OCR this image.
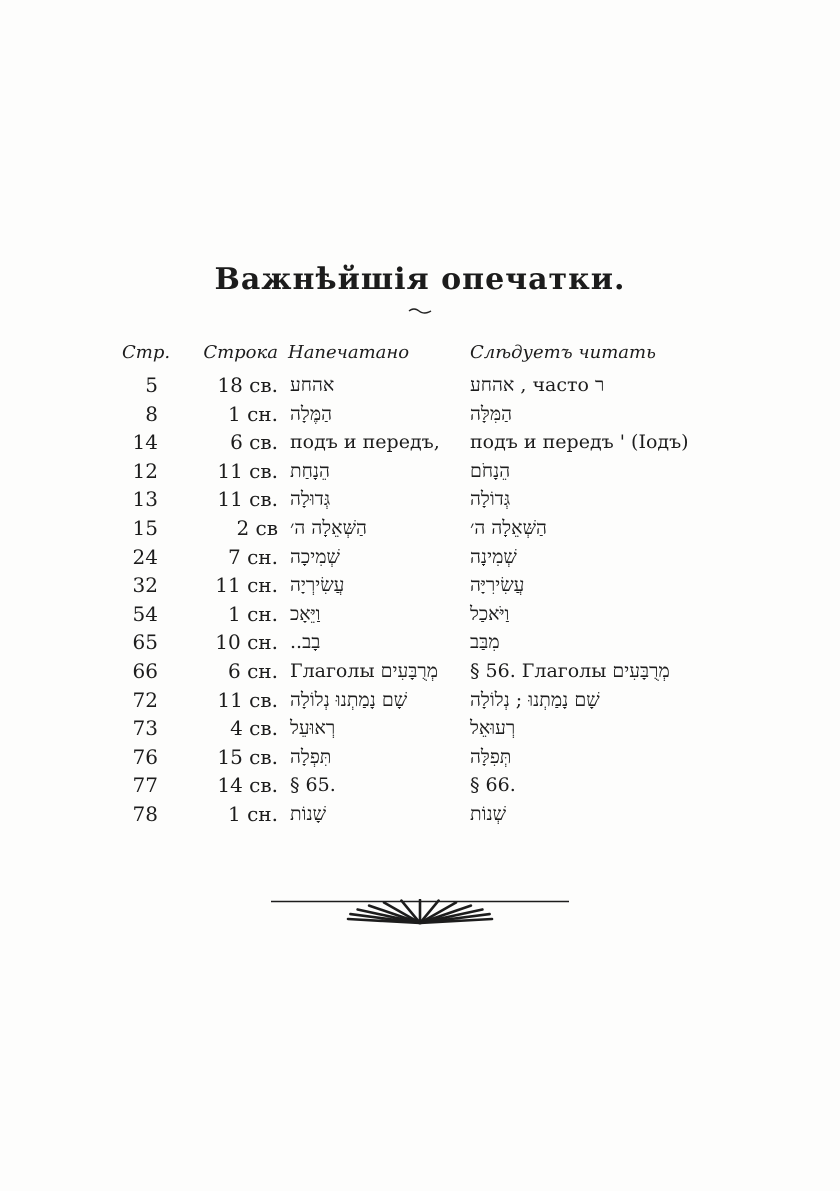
Важнѣйшія опечатки.
Стр.	Строка Напечатано	Слѣдуетъ читать
5	18 св. אהחע	אהחע , часто ר
8	1 сн. הַמֶּלָה	הַמִּלָּה
14	6 св. подъ и передъ,	подъ и передъ ' (Іодъ)
12	11 св. הֵנָחַת	הֵנָחֹם
13	11 св. גְּדוּלָה	גְּדוֹלָה
15	2 св הַשְּׁאֵלָה ה׳	הַשְּׁאֵלָה ה׳
24	7 сн. שְׁמִיכָה	שְׁמִינָה
32	11 сн. עֲשִׂירְיָה	עֲשִׂירִיָּה
54	1 сн. וַיֵּאָכ	וַיֹּאכַל
65	10 сн. ..בָב	מִבַּב
66	6 сн. Глаголы מְרֻבָּעִים	§ 56. Глаголы מְרֻבָּעִים
72	11 св. שָׁם נָמַתְנוּ נְלוֹלָה	שָׁם נָמַתְנוּ ; נְלוֹלָה
73	4 св. רְאוּעֵל	רְעוּאֵל
76	15 св. תִּפְלָה	תְּפִלָּה
77	14 св. § 65.	§ 66.
78	1 сн. שָׁנוֹת	שְׁנוֹת
